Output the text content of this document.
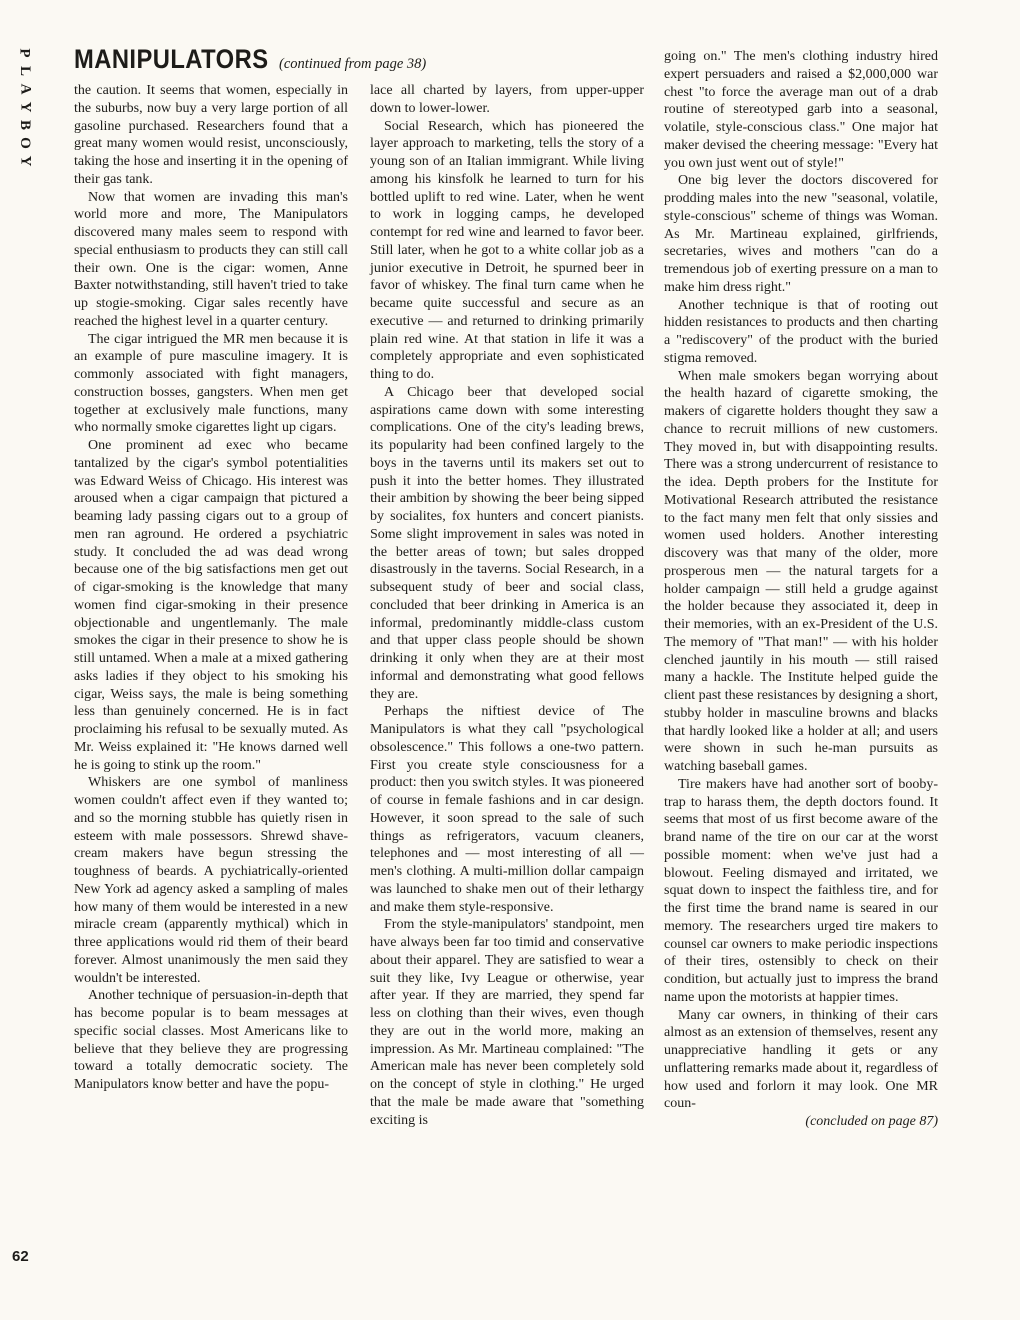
P
L
A
Y
B
O
Y
62
MANIPULATORS (continued from page 38)

the caution. It seems that women, especially in the suburbs, now buy a very large portion of all gasoline purchased. Researchers found that a great many women would resist, unconsciously, taking the hose and inserting it in the opening of their gas tank.

Now that women are invading this man's world more and more, The Manipulators discovered many males seem to respond with special enthusiasm to products they can still call their own. One is the cigar: women, Anne Baxter notwithstanding, still haven't tried to take up stogie-smoking. Cigar sales recently have reached the highest level in a quarter century.

The cigar intrigued the MR men because it is an example of pure masculine imagery. It is commonly associated with fight managers, construction bosses, gangsters. When men get together at exclusively male functions, many who normally smoke cigarettes light up cigars.

One prominent ad exec who became tantalized by the cigar's symbol potentialities was Edward Weiss of Chicago. His interest was aroused when a cigar campaign that pictured a beaming lady passing cigars out to a group of men ran aground. He ordered a psychiatric study. It concluded the ad was dead wrong because one of the big satisfactions men get out of cigar-smoking is the knowledge that many women find cigar-smoking in their presence objectionable and ungentlemanly. The male smokes the cigar in their presence to show he is still untamed. When a male at a mixed gathering asks ladies if they object to his smoking his cigar, Weiss says, the male is being something less than genuinely concerned. He is in fact proclaiming his refusal to be sexually muted. As Mr. Weiss explained it: "He knows darned well he is going to stink up the room."

Whiskers are one symbol of manliness women couldn't affect even if they wanted to; and so the morning stubble has quietly risen in esteem with male possessors. Shrewd shave-cream makers have begun stressing the toughness of beards. A pychiatrically-oriented New York ad agency asked a sampling of males how many of them would be interested in a new miracle cream (apparently mythical) which in three applications would rid them of their beard forever. Almost unanimously the men said they wouldn't be interested.

Another technique of persuasion-in-depth that has become popular is to beam messages at specific social classes. Most Americans like to believe that they believe they are progressing toward a totally democratic society. The Manipulators know better and have the popu-

lace all charted by layers, from upper-upper down to lower-lower.

Social Research, which has pioneered the layer approach to marketing, tells the story of a young son of an Italian immigrant. While living among his kinsfolk he learned to turn for his bottled uplift to red wine. Later, when he went to work in logging camps, he developed contempt for red wine and learned to favor beer. Still later, when he got to a white collar job as a junior executive in Detroit, he spurned beer in favor of whiskey. The final turn came when he became quite successful and secure as an executive — and returned to drinking primarily plain red wine. At that station in life it was a completely appropriate and even sophisticated thing to do.

A Chicago beer that developed social aspirations came down with some interesting complications. One of the city's leading brews, its popularity had been confined largely to the boys in the taverns until its makers set out to push it into the better homes. They illustrated their ambition by showing the beer being sipped by socialites, fox hunters and concert pianists. Some slight improvement in sales was noted in the better areas of town; but sales dropped disastrously in the taverns. Social Research, in a subsequent study of beer and social class, concluded that beer drinking in America is an informal, predominantly middle-class custom and that upper class people should be shown drinking it only when they are at their most informal and demonstrating what good fellows they are.

Perhaps the niftiest device of The Manipulators is what they call "psychological obsolescence." This follows a one-two pattern. First you create style consciousness for a product: then you switch styles. It was pioneered of course in female fashions and in car design. However, it soon spread to the sale of such things as refrigerators, vacuum cleaners, telephones and — most interesting of all — men's clothing. A multi-million dollar campaign was launched to shake men out of their lethargy and make them style-responsive.

From the style-manipulators' standpoint, men have always been far too timid and conservative about their apparel. They are satisfied to wear a suit they like, Ivy League or otherwise, year after year. If they are married, they spend far less on clothing than their wives, even though they are out in the world more, making an impression. As Mr. Martineau complained: "The American male has never been completely sold on the concept of style in clothing." He urged that the male be made aware that "something exciting is

going on." The men's clothing industry hired expert persuaders and raised a $2,000,000 war chest "to force the average man out of a drab routine of stereotyped garb into a seasonal, volatile, style-conscious class." One major hat maker devised the cheering message: "Every hat you own just went out of style!"

One big lever the doctors discovered for prodding males into the new "seasonal, volatile, style-conscious" scheme of things was Woman. As Mr. Martineau explained, girlfriends, secretaries, wives and mothers "can do a tremendous job of exerting pressure on a man to make him dress right."

Another technique is that of rooting out hidden resistances to products and then charting a "rediscovery" of the product with the buried stigma removed.

When male smokers began worrying about the health hazard of cigarette smoking, the makers of cigarette holders thought they saw a chance to recruit millions of new customers. They moved in, but with disappointing results. There was a strong undercurrent of resistance to the idea. Depth probers for the Institute for Motivational Research attributed the resistance to the fact many men felt that only sissies and women used holders. Another interesting discovery was that many of the older, more prosperous men — the natural targets for a holder campaign — still held a grudge against the holder because they associated it, deep in their memories, with an ex-President of the U.S. The memory of "That man!" — with his holder clenched jauntily in his mouth — still raised many a hackle. The Institute helped guide the client past these resistances by designing a short, stubby holder in masculine browns and blacks that hardly looked like a holder at all; and users were shown in such he-man pursuits as watching baseball games.

Tire makers have had another sort of booby-trap to harass them, the depth doctors found. It seems that most of us first become aware of the brand name of the tire on our car at the worst possible moment: when we've just had a blowout. Feeling dismayed and irritated, we squat down to inspect the faithless tire, and for the first time the brand name is seared in our memory. The researchers urged tire makers to counsel car owners to make periodic inspections of their tires, ostensibly to check on their condition, but actually just to impress the brand name upon the motorists at happier times.

Many car owners, in thinking of their cars almost as an extension of themselves, resent any unappreciative handling it gets or any unflattering remarks made about it, regardless of how used and forlorn it may look. One MR coun-

(concluded on page 87)
